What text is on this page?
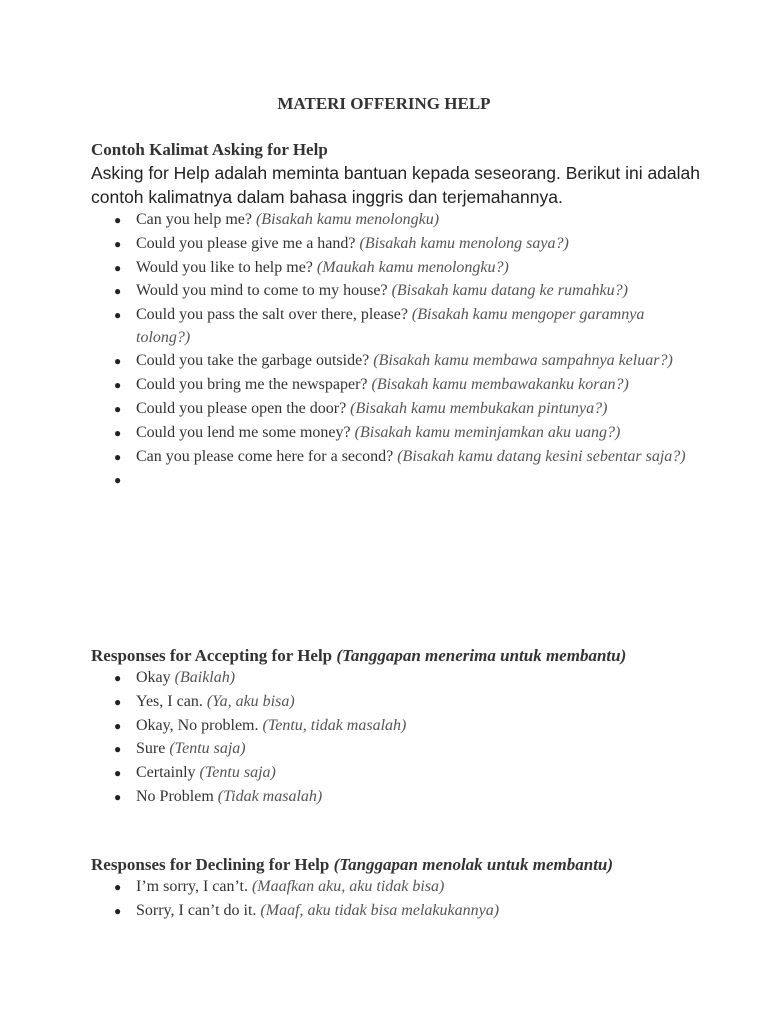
MATERI OFFERING HELP
Contoh Kalimat Asking for Help
Asking for Help adalah meminta bantuan kepada seseorang. Berikut ini adalah contoh kalimatnya dalam bahasa inggris dan terjemahannya.
● Can you help me? (Bisakah kamu menolongku)
● Could you please give me a hand? (Bisakah kamu menolong saya?)
● Would you like to help me? (Maukah kamu menolongku?)
● Would you mind to come to my house? (Bisakah kamu datang ke rumahku?)
● Could you pass the salt over there, please? (Bisakah kamu mengoper garamnya tolong?)
● Could you take the garbage outside? (Bisakah kamu membawa sampahnya keluar?)
● Could you bring me the newspaper? (Bisakah kamu membawakanku koran?)
● Could you please open the door? (Bisakah kamu membukakan pintunya?)
● Could you lend me some money? (Bisakah kamu meminjamkan aku uang?)
● Can you please come here for a second? (Bisakah kamu datang kesini sebentar saja?)
●

Responses for Accepting for Help (Tanggapan menerima untuk membantu)
● Okay (Baiklah)
● Yes, I can. (Ya, aku bisa)
● Okay, No problem. (Tentu, tidak masalah)
● Sure (Tentu saja)
● Certainly (Tentu saja)
● No Problem (Tidak masalah)
Responses for Declining for Help (Tanggapan menolak untuk membantu)
● I’m sorry, I can’t. (Maafkan aku, aku tidak bisa)
● Sorry, I can’t do it. (Maaf, aku tidak bisa melakukannya)
